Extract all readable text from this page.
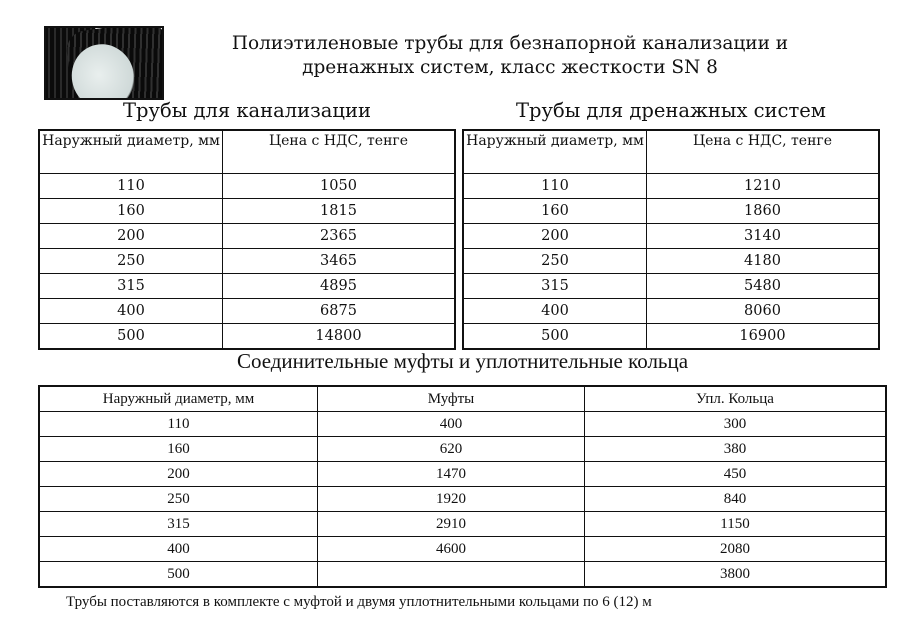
Полиэтиленовые трубы для безнапорной канализации и
дренажных систем, класс жесткости SN 8
Трубы для канализации	Трубы для дренажных систем
Наружный диаметр, мм	Цена с НДС, тенге
110	1050
160	1815
200	2365
250	3465
315	4895
400	6875
500	14800
Наружный диаметр, мм	Цена с НДС, тенге
110	1210
160	1860
200	3140
250	4180
315	5480
400	8060
500	16900
Соединительные муфты и уплотнительные кольца
Наружный диаметр, мм	Муфты	Упл. Кольца
110	400	300
160	620	380
200	1470	450
250	1920	840
315	2910	1150
400	4600	2080
500		3800
Трубы поставляются в комплекте с муфтой и двумя уплотнительными кольцами по 6 (12) м
